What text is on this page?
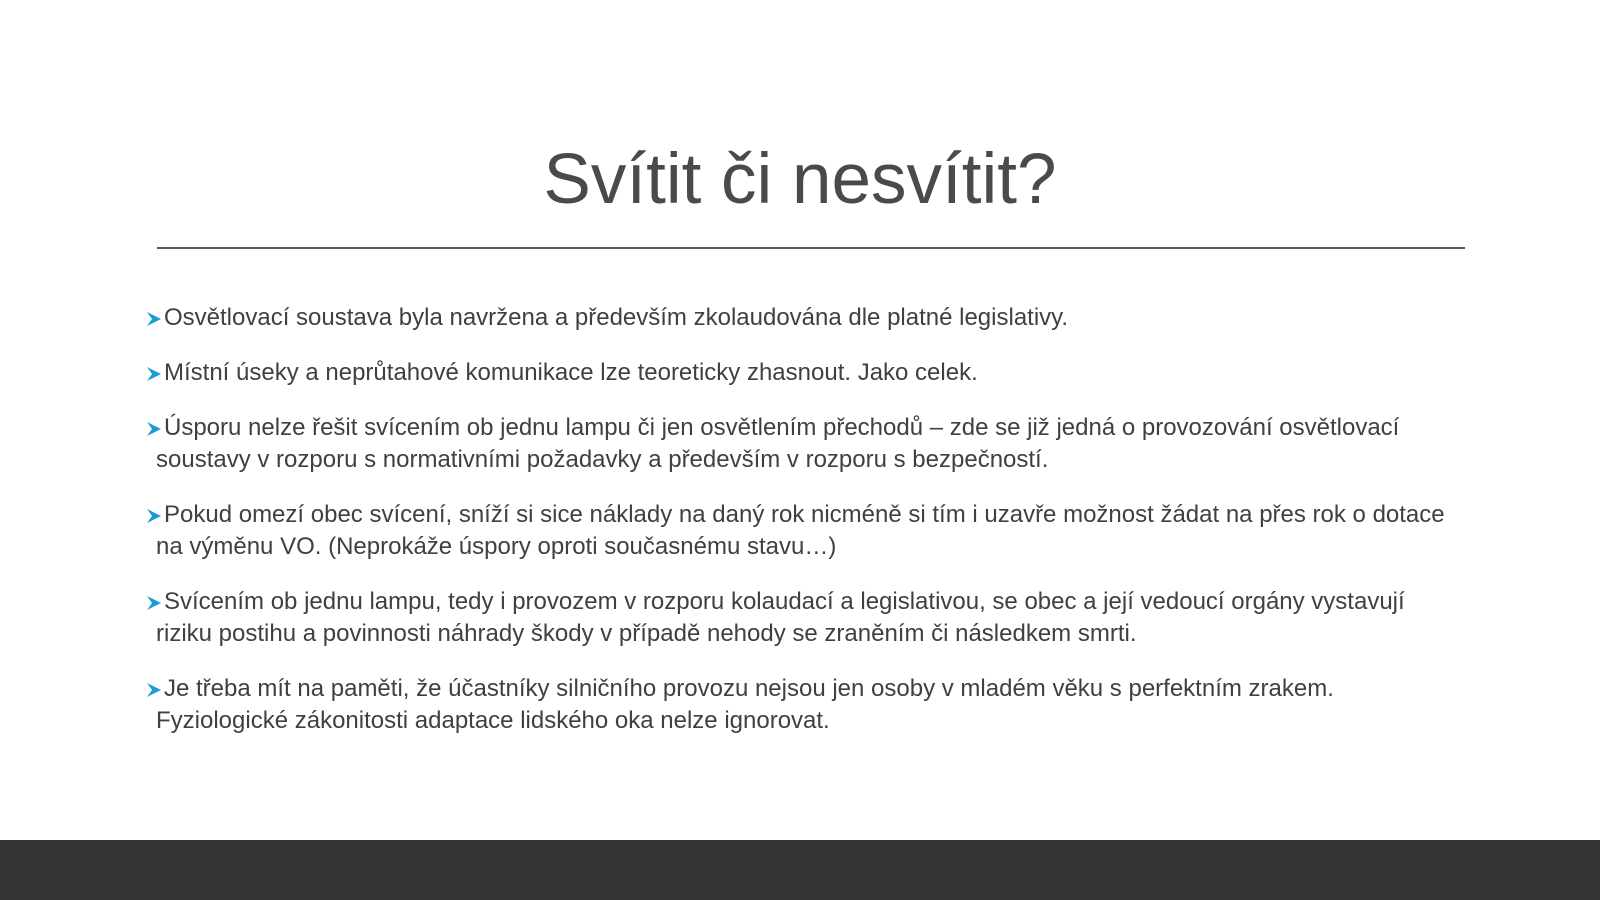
Svítit či nesvítit?
Osvětlovací soustava byla navržena a především zkolaudována dle platné legislativy.
Místní úseky a neprůtahové komunikace lze teoreticky zhasnout. Jako celek.
Úsporu nelze řešit svícením ob jednu lampu či jen osvětlením přechodů – zde se již jedná o provozování osvětlovací soustavy v rozporu s normativními požadavky a především v rozporu s bezpečností.
Pokud omezí obec svícení, sníží si sice náklady na daný rok nicméně si tím i uzavře možnost žádat na přes rok o dotace na výměnu VO. (Neprokáže úspory oproti současnému stavu…)
Svícením ob jednu lampu, tedy i provozem v rozporu kolaudací a legislativou, se obec a její vedoucí orgány vystavují riziku postihu a povinnosti náhrady škody v případě nehody se zraněním či následkem smrti.
Je třeba mít na paměti, že účastníky silničního provozu nejsou jen osoby v mladém věku s perfektním zrakem. Fyziologické zákonitosti adaptace lidského oka nelze ignorovat.
